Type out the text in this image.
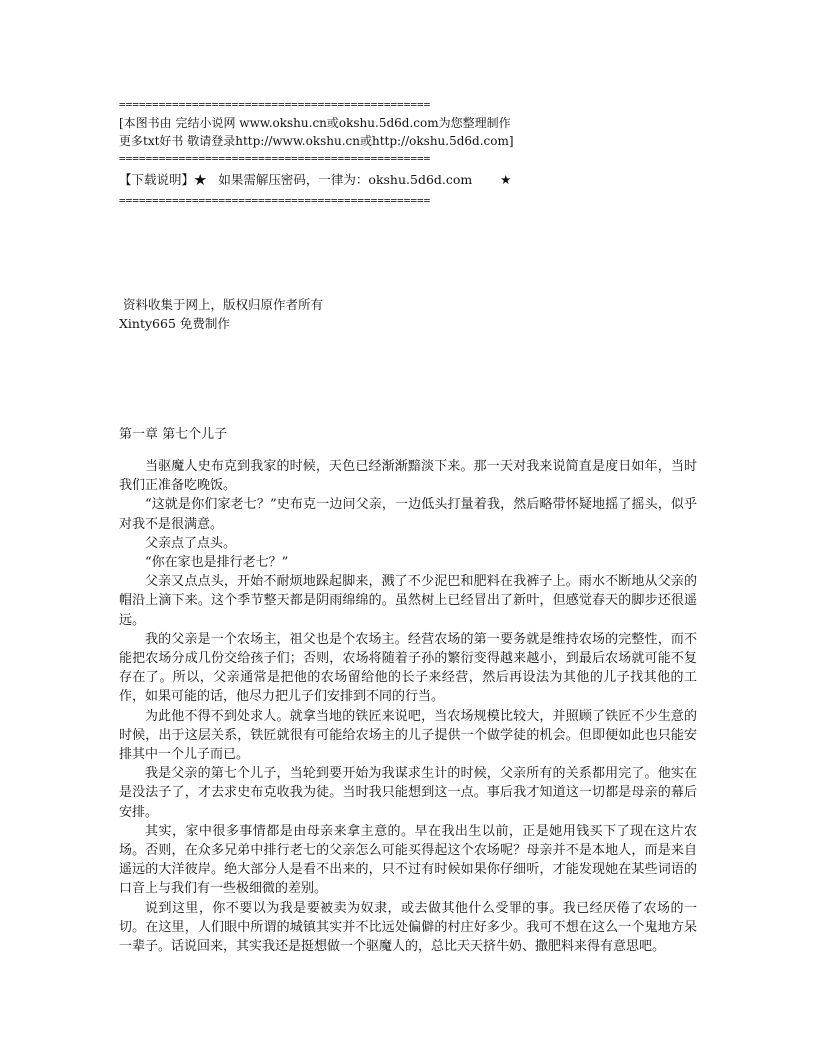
===============================================
[本图书由 完结小说网 www.okshu.cn或okshu.5d6d.com为您整理制作
更多txt好书 敬请登录http://www.okshu.cn或http://okshu.5d6d.com]
===============================================
【下载说明】★   如果需解压密码，一律为：okshu.5d6d.com       ★
===============================================
资料收集于网上，版权归原作者所有
Xinty665 免费制作
第一章 第七个儿子

当驱魔人史布克到我家的时候，天色已经渐渐黯淡下来。那一天对我来说简直是度日如年，当时我们正准备吃晚饭。

“这就是你们家老七？”史布克一边问父亲，一边低头打量着我，然后略带怀疑地摇了摇头，似乎对我不是很满意。

父亲点了点头。

“你在家也是排行老七？”

父亲又点点头，开始不耐烦地跺起脚来，溅了不少泥巴和肥料在我裤子上。雨水不断地从父亲的帽沿上滴下来。这个季节整天都是阴雨绵绵的。虽然树上已经冒出了新叶，但感觉春天的脚步还很遥远。

我的父亲是一个农场主，祖父也是个农场主。经营农场的第一要务就是维持农场的完整性，而不能把农场分成几份交给孩子们；否则，农场将随着子孙的繁衍变得越来越小，到最后农场就可能不复存在了。所以，父亲通常是把他的农场留给他的长子来经营，然后再设法为其他的儿子找其他的工作，如果可能的话，他尽力把儿子们安排到不同的行当。

为此他不得不到处求人。就拿当地的铁匠来说吧，当农场规模比较大，并照顾了铁匠不少生意的时候，出于这层关系，铁匠就很有可能给农场主的儿子提供一个做学徒的机会。但即便如此也只能安排其中一个儿子而已。

我是父亲的第七个儿子，当轮到要开始为我谋求生计的时候，父亲所有的关系都用完了。他实在是没法子了，才去求史布克收我为徒。当时我只能想到这一点。事后我才知道这一切都是母亲的幕后安排。

其实，家中很多事情都是由母亲来拿主意的。早在我出生以前，正是她用钱买下了现在这片农场。否则，在众多兄弟中排行老七的父亲怎么可能买得起这个农场呢？母亲并不是本地人，而是来自遥远的大洋彼岸。绝大部分人是看不出来的，只不过有时候如果你仔细听，才能发现她在某些词语的口音上与我们有一些极细微的差别。

说到这里，你不要以为我是要被卖为奴隶，或去做其他什么受罪的事。我已经厌倦了农场的一切。在这里，人们眼中所谓的城镇其实并不比远处偏僻的村庄好多少。我可不想在这么一个鬼地方呆一辈子。话说回来，其实我还是挺想做一个驱魔人的，总比天天挤牛奶、撒肥料来得有意思吧。
